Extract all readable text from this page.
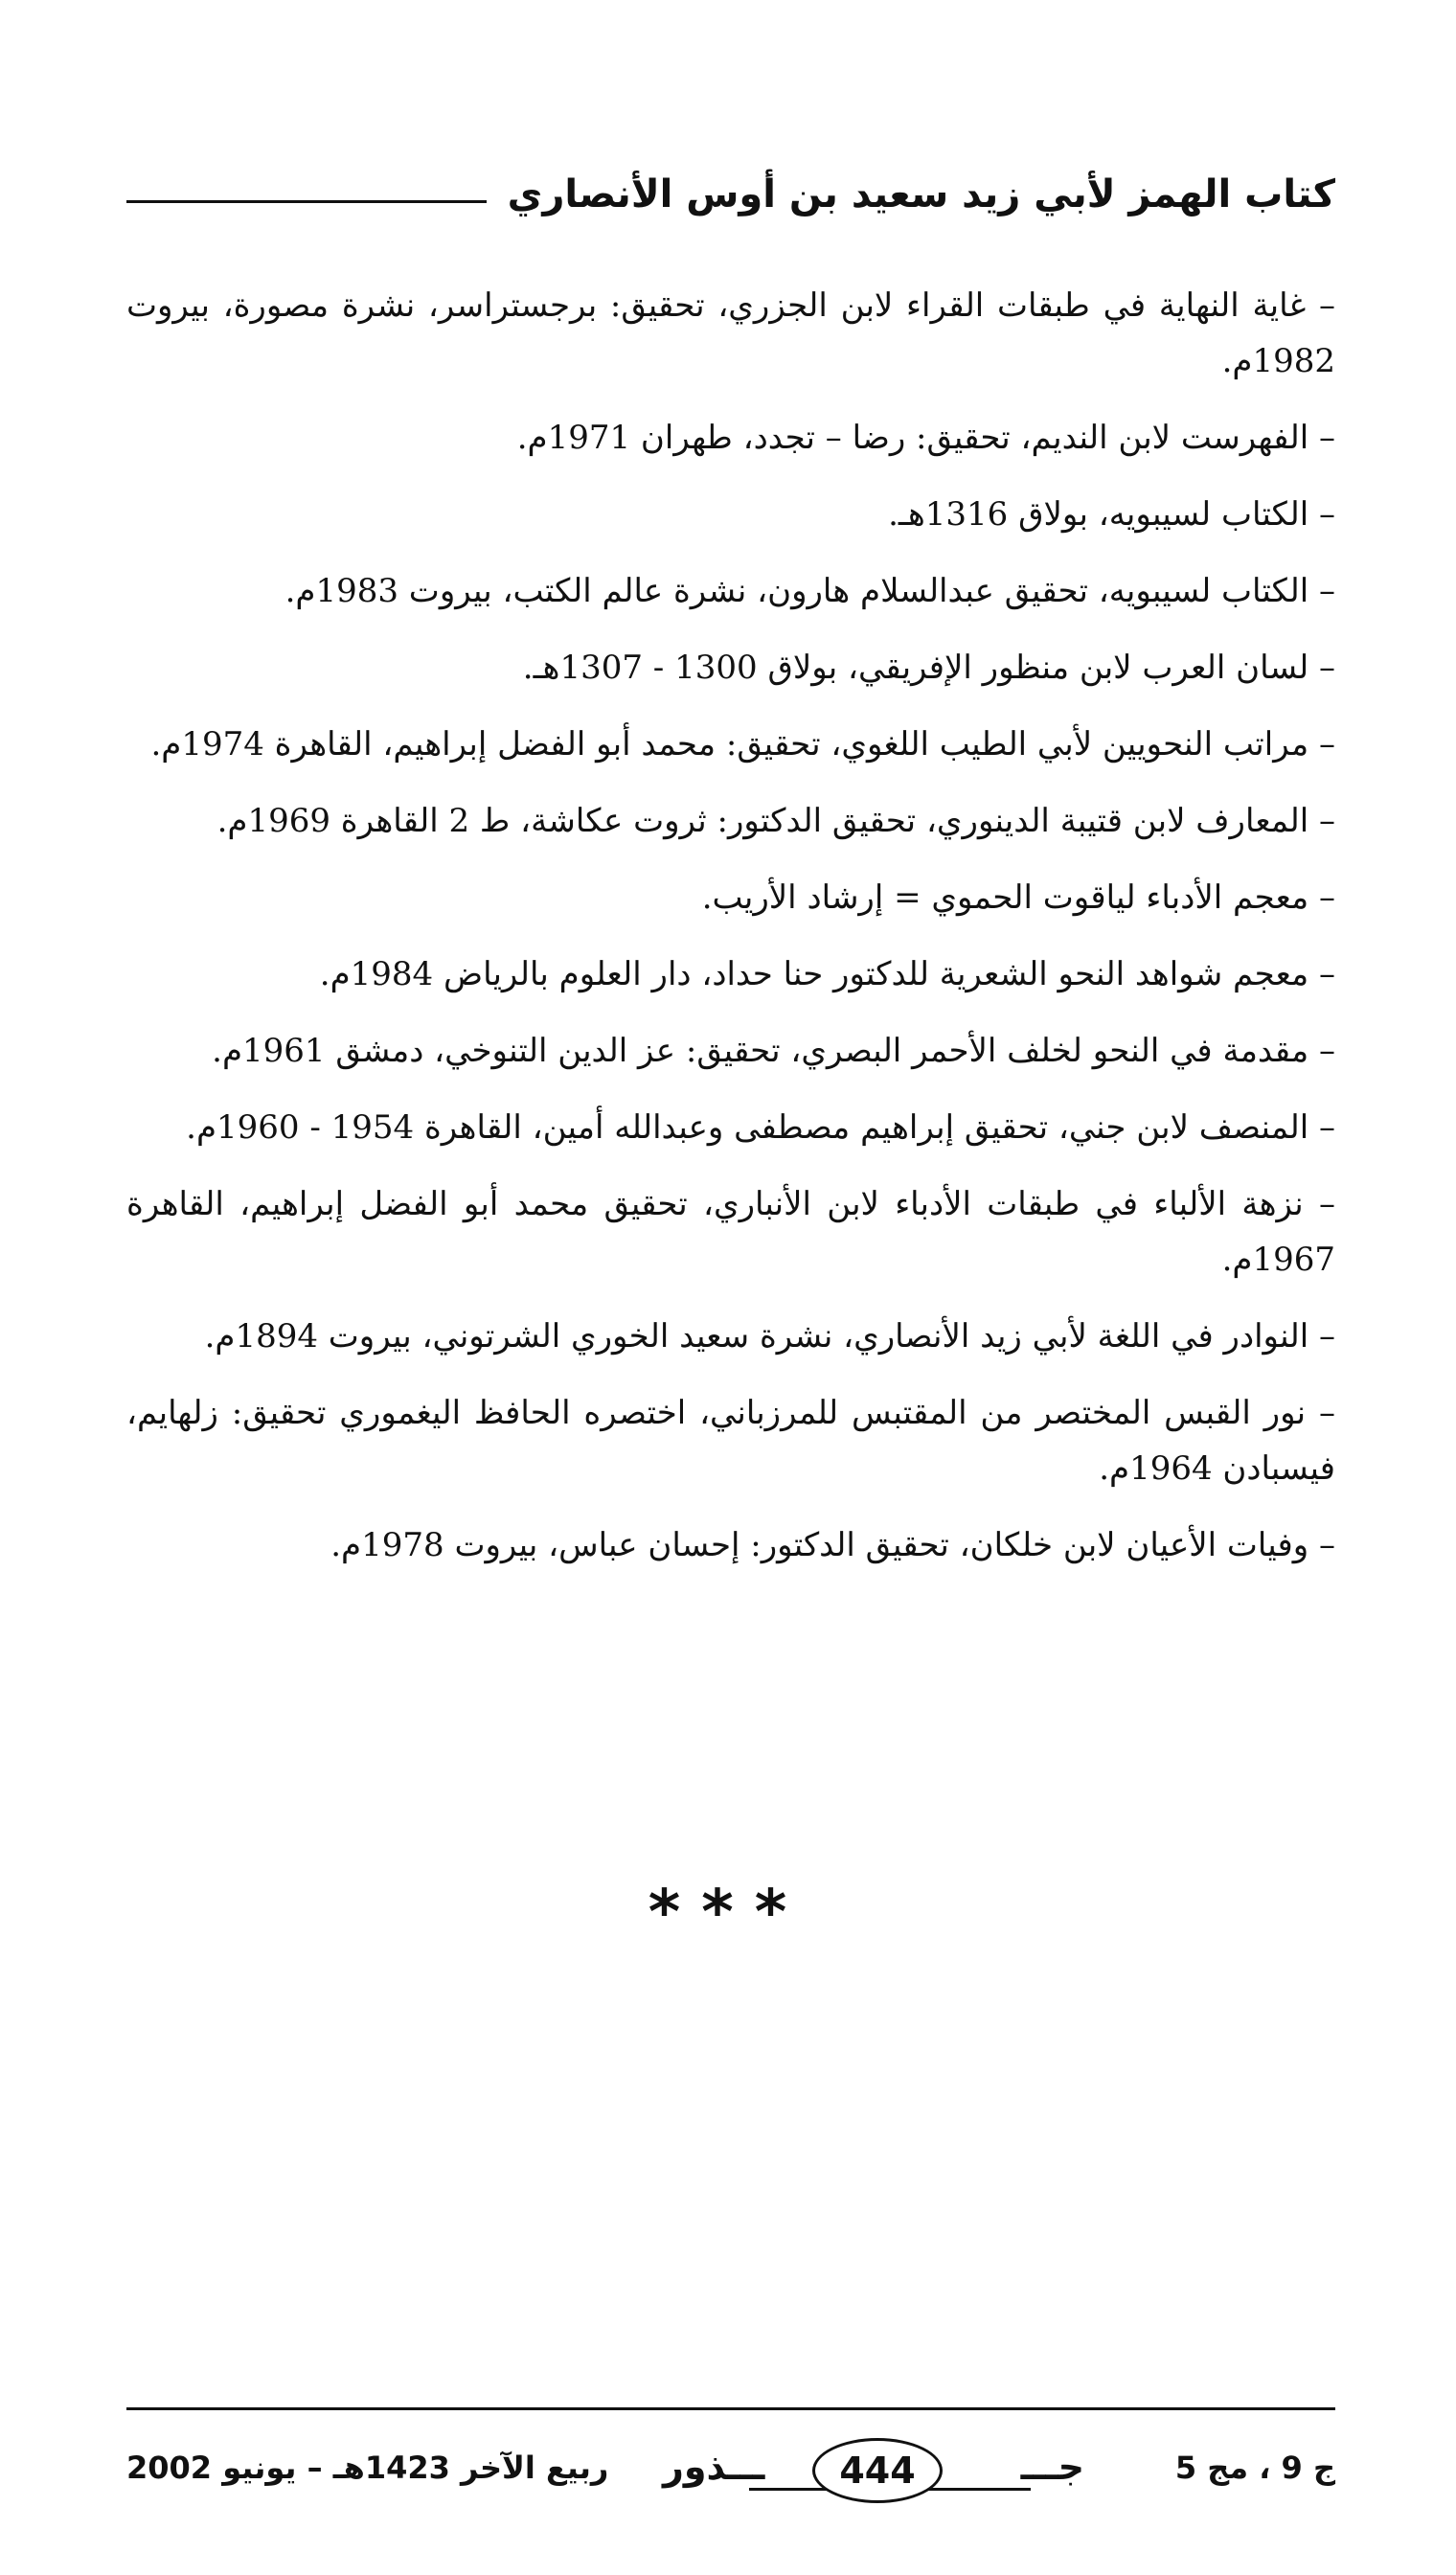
كتاب الهمز لأبي زيد سعيد بن أوس الأنصاري
– غاية النهاية في طبقات القراء لابن الجزري، تحقيق: برجستراسر، نشرة مصورة، بيروت 1982م.
– الفهرست لابن النديم، تحقيق: رضا – تجدد، طهران 1971م.
– الكتاب لسيبويه، بولاق 1316هـ.
– الكتاب لسيبويه، تحقيق عبدالسلام هارون، نشرة عالم الكتب، بيروت 1983م.
– لسان العرب لابن منظور الإفريقي، بولاق 1300 - 1307هـ.
– مراتب النحويين لأبي الطيب اللغوي، تحقيق: محمد أبو الفضل إبراهيم، القاهرة 1974م.
– المعارف لابن قتيبة الدينوري، تحقيق الدكتور: ثروت عكاشة، ط 2 القاهرة 1969م.
– معجم الأدباء لياقوت الحموي = إرشاد الأريب.
– معجم شواهد النحو الشعرية للدكتور حنا حداد، دار العلوم بالرياض 1984م.
– مقدمة في النحو لخلف الأحمر البصري، تحقيق: عز الدين التنوخي، دمشق 1961م.
– المنصف لابن جني، تحقيق إبراهيم مصطفى وعبدالله أمين، القاهرة 1954 - 1960م.
– نزهة الألباء في طبقات الأدباء لابن الأنباري، تحقيق محمد أبو الفضل إبراهيم، القاهرة 1967م.
– النوادر في اللغة لأبي زيد الأنصاري، نشرة سعيد الخوري الشرتوني، بيروت 1894م.
– نور القبس المختصر من المقتبس للمرزباني، اختصره الحافظ اليغموري تحقيق: زلهايم، فيسبادن 1964م.
– وفيات الأعيان لابن خلكان، تحقيق الدكتور: إحسان عباس، بيروت 1978م.
***
ج 9 ، مج 5
جـــ
444
ـــذور
ربيع الآخر 1423هـ – يونيو 2002
